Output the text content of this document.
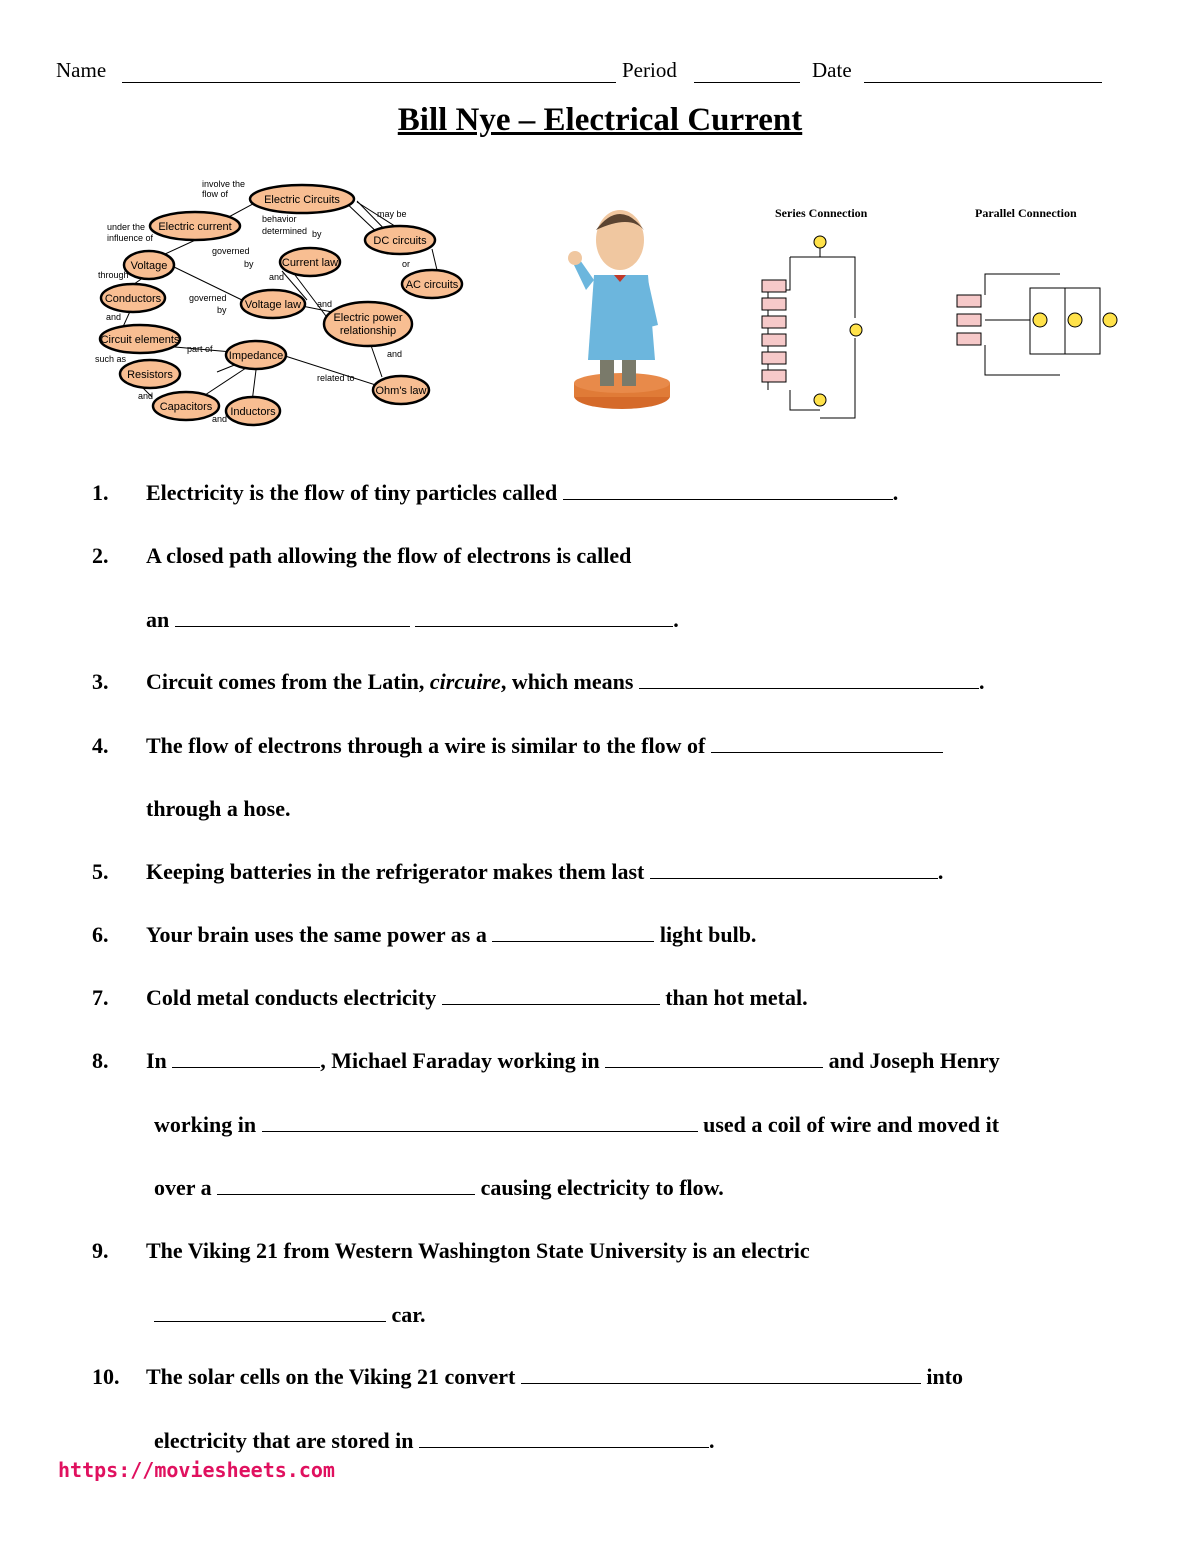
Name	Period	Date
Bill Nye – Electrical Current
Electric Circuits
Electric current
DC circuits
AC circuits
Current law
Voltage
Conductors	Voltage law
Electric power
relationship
Circuit elements
Impedance
Resistors
Capacitors Inductors
Ohm's law
involve the
flow of
under the
influence of
behavior
determined by
may be
or
governed
by
through
and
governed
by
and
and
such as
part of
and
and
related to
and
Series Connection	Parallel Connection
1. Electricity is the flow of tiny particles called	.
2. A closed path allowing the flow of electrons is called
an	.
3. Circuit comes from the Latin, circuire, which means	.
4. The flow of electrons through a wire is similar to the flow of
through a hose.
5. Keeping batteries in the refrigerator makes them last	.
6. Your brain uses the same power as a	light bulb.
7. Cold metal conducts electricity	than hot metal.
8. In	, Michael Faraday working in	and Joseph Henry
working in	used a coil of wire and moved it
over a	causing electricity to flow.
9. The Viking 21 from Western Washington State University is an electric
car.
10. The solar cells on the Viking 21 convert	into
electricity that are stored in	.
https://moviesheets.com
